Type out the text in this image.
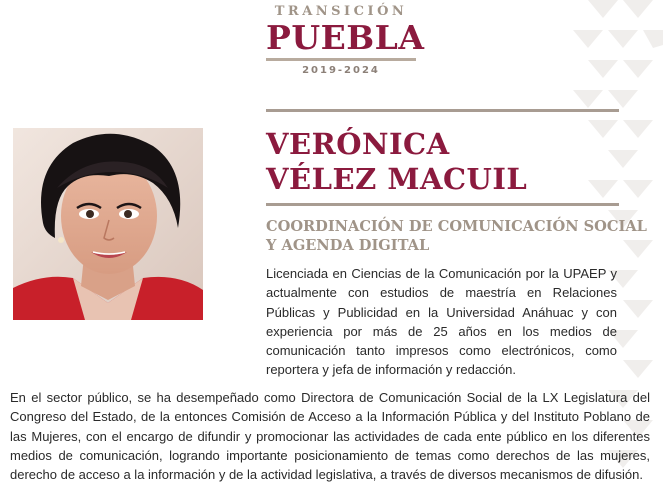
TRANSICIÓN
PUEBLA
2019-2024
VERÓNICA
VÉLEZ MACUIL
COORDINACIÓN DE COMUNICACIÓN SOCIAL
Y AGENDA DIGITAL
Licenciada en Ciencias de la Comunicación por la UPAEP y actualmente con estudios de maestría en Relaciones Públicas y Publicidad en la Universidad Anáhuac y con experiencia por más de 25 años en los medios de comunicación tanto impresos como electrónicos, como reportera y jefa de información y redacción.
En el sector público, se ha desempeñado como Directora de Comunicación Social de la LX Legislatura del Congreso del Estado, de la entonces Comisión de Acceso a la Información Pública y del Instituto Poblano de las Mujeres, con el encargo de difundir y promocionar las actividades de cada ente público en los diferentes medios de comunicación, logrando importante posicionamiento de temas como derechos de las mujeres, derecho de acceso a la información y de la actividad legislativa, a través de diversos mecanismos de difusión.
